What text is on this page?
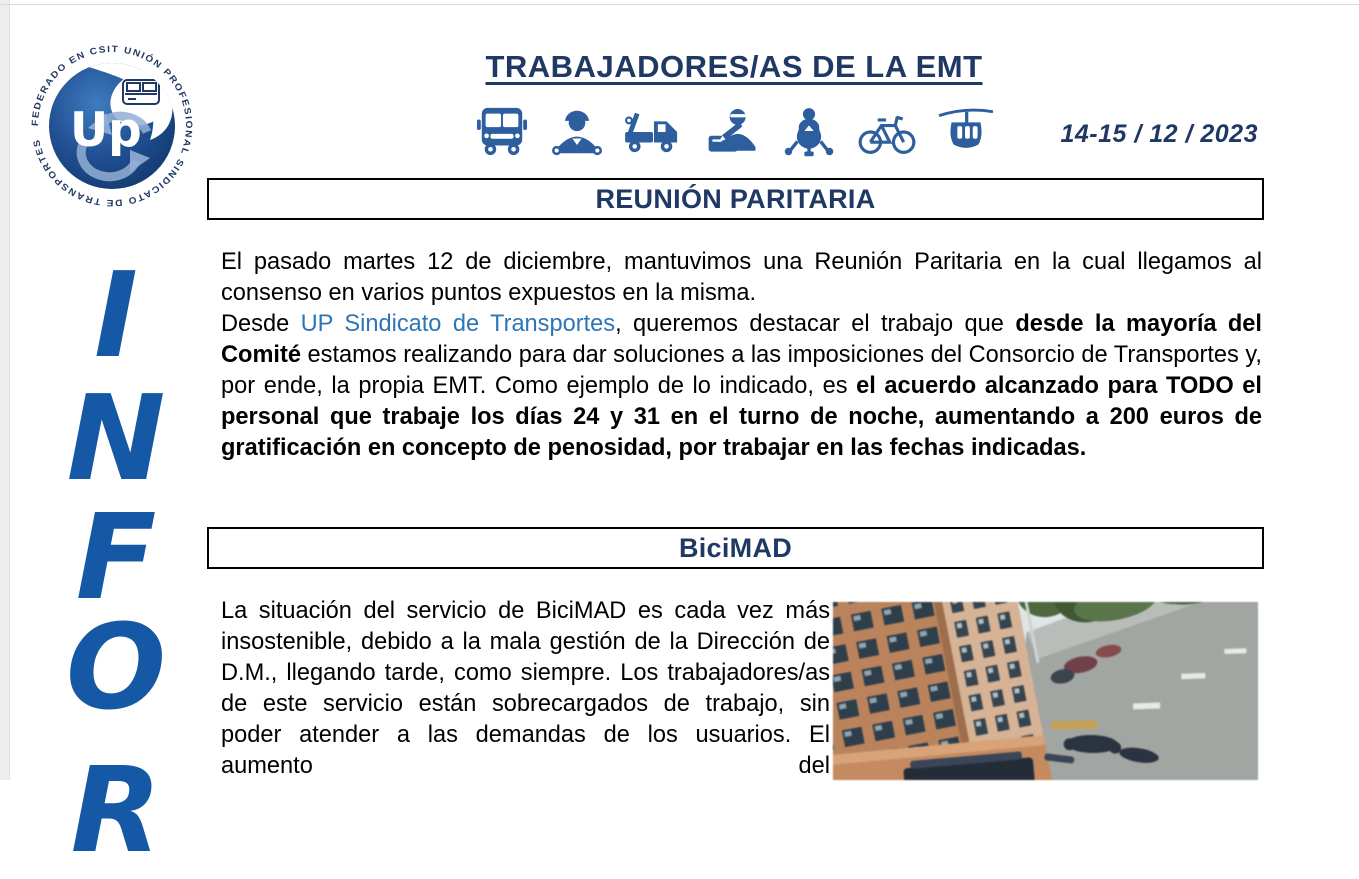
FEDERADO EN CSIT UNIÓN PROFESIONAL SINDICATO DE TRANSPORTES Up
I
N
F
O
R
TRABAJADORES/AS DE LA EMT
14-15 / 12 / 2023
REUNIÓN PARITARIA

El pasado martes 12 de diciembre, mantuvimos una Reunión Paritaria en la cual llegamos al consenso en varios puntos expuestos en la misma.

Desde UP Sindicato de Transportes, queremos destacar el trabajo que desde la mayoría del Comité estamos realizando para dar soluciones a las imposiciones del Consorcio de Transportes y, por ende, la propia EMT. Como ejemplo de lo indicado, es el acuerdo alcanzado para TODO el personal que trabaje los días 24 y 31 en el turno de noche, aumentando a 200 euros de gratificación en concepto de penosidad, por trabajar en las fechas indicadas.

BiciMAD

La situación del servicio de BiciMAD es cada vez más insostenible, debido a la mala gestión de la Dirección de D.M., llegando tarde, como siempre. Los trabajadores/as de este servicio están sobrecargados de trabajo, sin poder atender a las demandas de los usuarios. El aumento del
